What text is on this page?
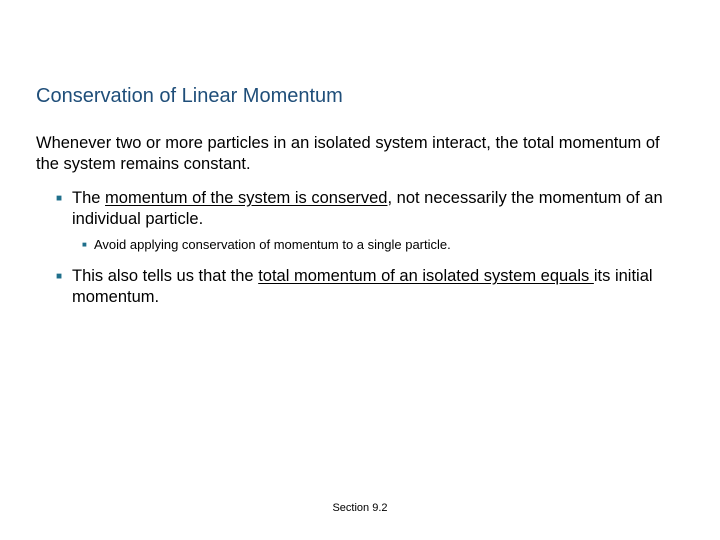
Conservation of Linear Momentum
Whenever two or more particles in an isolated system interact, the total momentum of the system remains constant.
■ The momentum of the system is conserved, not necessarily the momentum of an individual particle.
■ Avoid applying conservation of momentum to a single particle.
■ This also tells us that the total momentum of an isolated system equals its initial momentum.
Section 9.2
